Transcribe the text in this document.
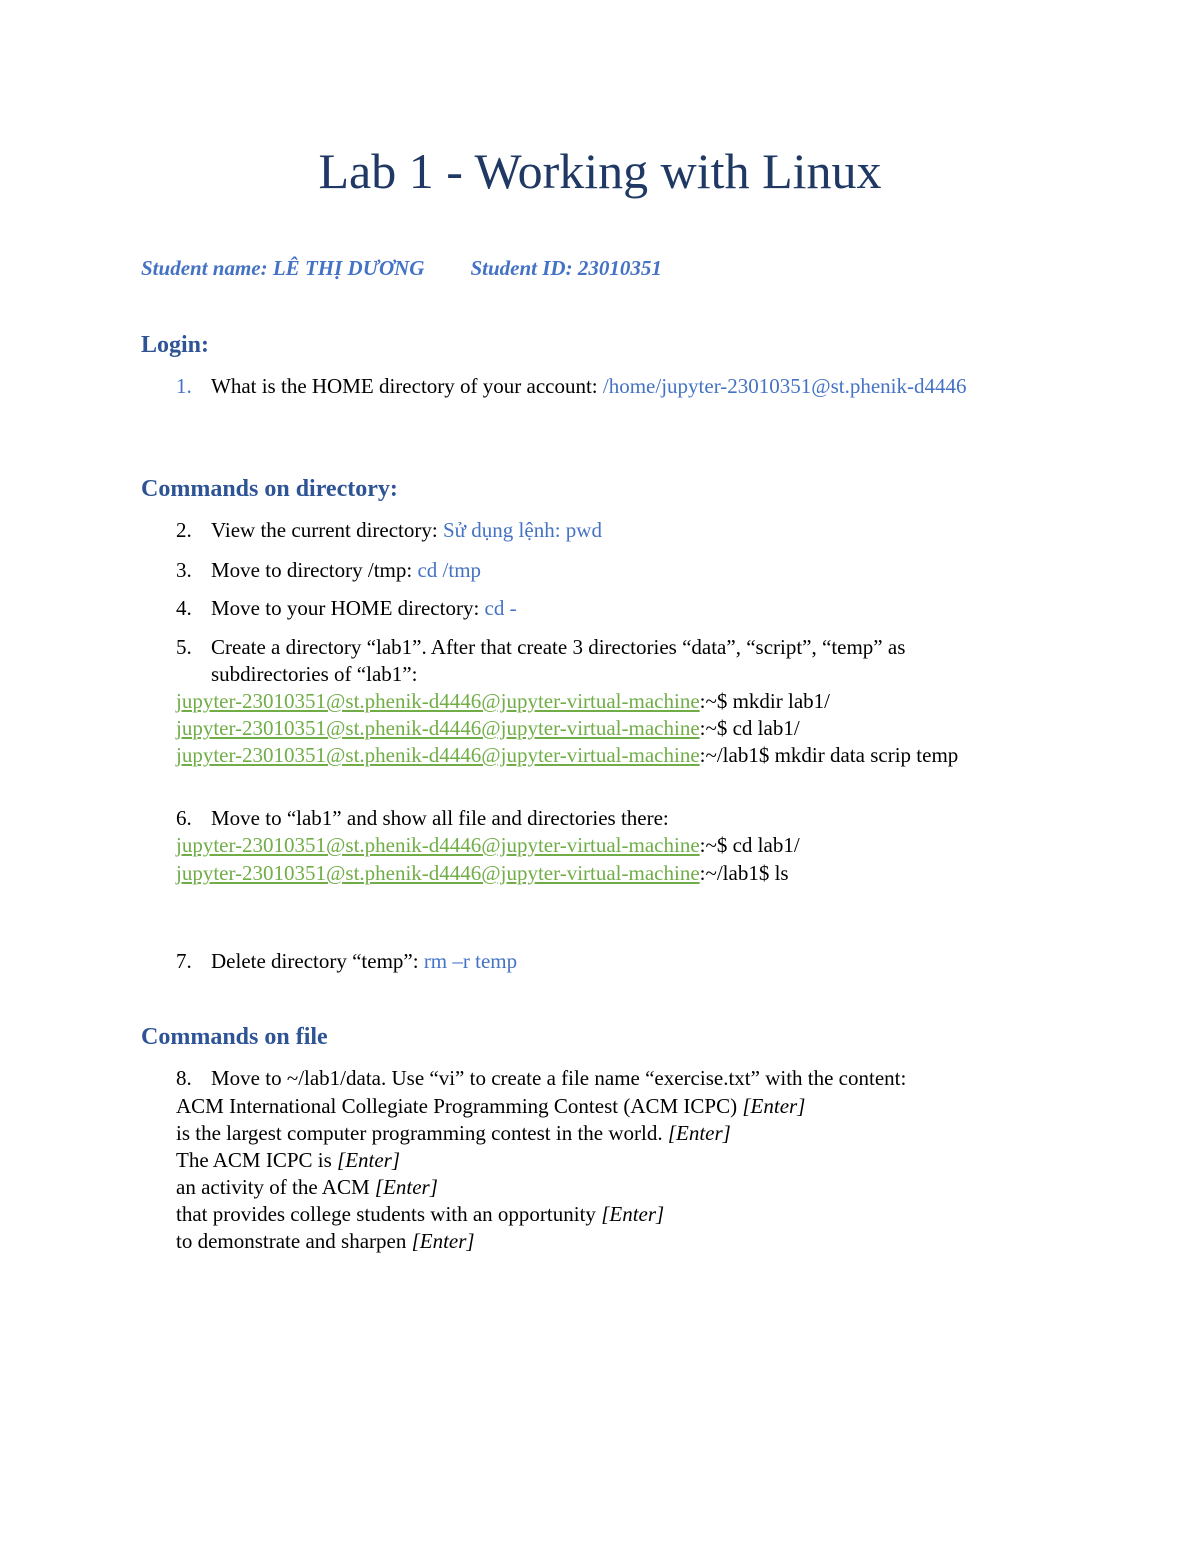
Lab 1 - Working with Linux
Student name: LÊ THỊ DƯƠNG Student ID: 23010351
Login:
1. What is the HOME directory of your account: /home/jupyter-23010351@st.phenik-d4446
Commands on directory:
2. View the current directory: Sử dụng lệnh: pwd
3. Move to directory /tmp: cd /tmp
4. Move to your HOME directory: cd -
5. Create a directory “lab1”. After that create 3 directories “data”, “script”, “temp” as
subdirectories of “lab1”:
jupyter-23010351@st.phenik-d4446@jupyter-virtual-machine:~$ mkdir lab1/
jupyter-23010351@st.phenik-d4446@jupyter-virtual-machine:~$ cd lab1/
jupyter-23010351@st.phenik-d4446@jupyter-virtual-machine:~/lab1$ mkdir data scrip temp
6. Move to “lab1” and show all file and directories there:
jupyter-23010351@st.phenik-d4446@jupyter-virtual-machine:~$ cd lab1/
jupyter-23010351@st.phenik-d4446@jupyter-virtual-machine:~/lab1$ ls
7. Delete directory “temp”: rm –r temp
Commands on file
8. Move to ~/lab1/data. Use “vi” to create a file name “exercise.txt” with the content:
ACM International Collegiate Programming Contest (ACM ICPC) [Enter]
is the largest computer programming contest in the world. [Enter]
The ACM ICPC is [Enter]
an activity of the ACM [Enter]
that provides college students with an opportunity [Enter]
to demonstrate and sharpen [Enter]
